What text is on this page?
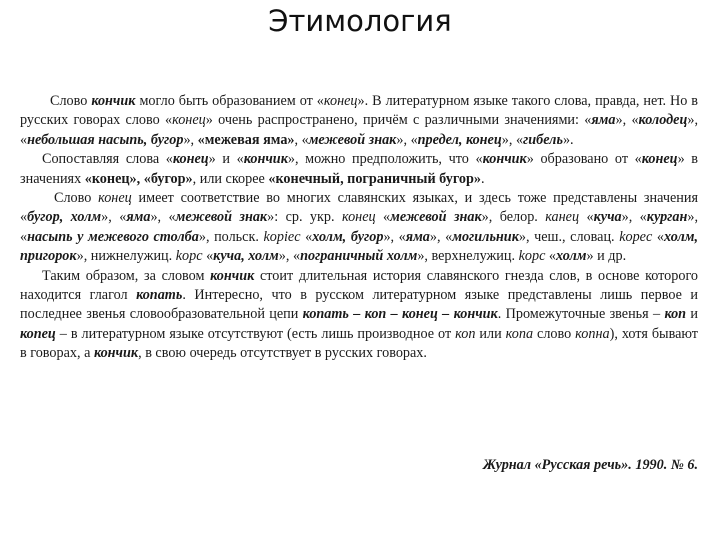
Этимология

Слово кончик могло быть образованием от «конец». В литературном языке такого слова, правда, нет. Но в русских говорах слово «конец» очень распространено, причём с различными значениями: «яма», «колодец», «небольшая насыпь, бугор», «межевая яма», «межевой знак», «предел, конец», «гибель».

Сопоставляя слова «конец» и «кончик», можно предположить, что «кончик» образовано от «конец» в значениях «конец», «бугор», или скорее «конечный, пограничный бугор».

Слово конец имеет соответствие во многих славянских языках, и здесь тоже представлены значения «бугор, холм», «яма», «межевой знак»: ср. укр. конец «межевой знак», белор. канец «куча», «курган», «насыпь у межевого столба», польск. kopiec «холм, бугор», «яма», «могильник», чеш., словац. kopec «холм, пригорок», нижнелужиц. kopc «куча, холм», «пограничный холм», верхнелужиц. kopc «холм» и др.

Таким образом, за словом кончик стоит длительная история славянского гнезда слов, в основе которого находится глагол копать. Интересно, что в русском литературном языке представлены лишь первое и последнее звенья словообразовательной цепи копать – коп – конец – кончик. Промежуточные звенья – коп и копец – в литературном языке отсутствуют (есть лишь производное от коп или копа слово копна), хотя бывают в говорах, а кончик, в свою очередь отсутствует в русских говорах.

Журнал «Русская речь». 1990. № 6.
